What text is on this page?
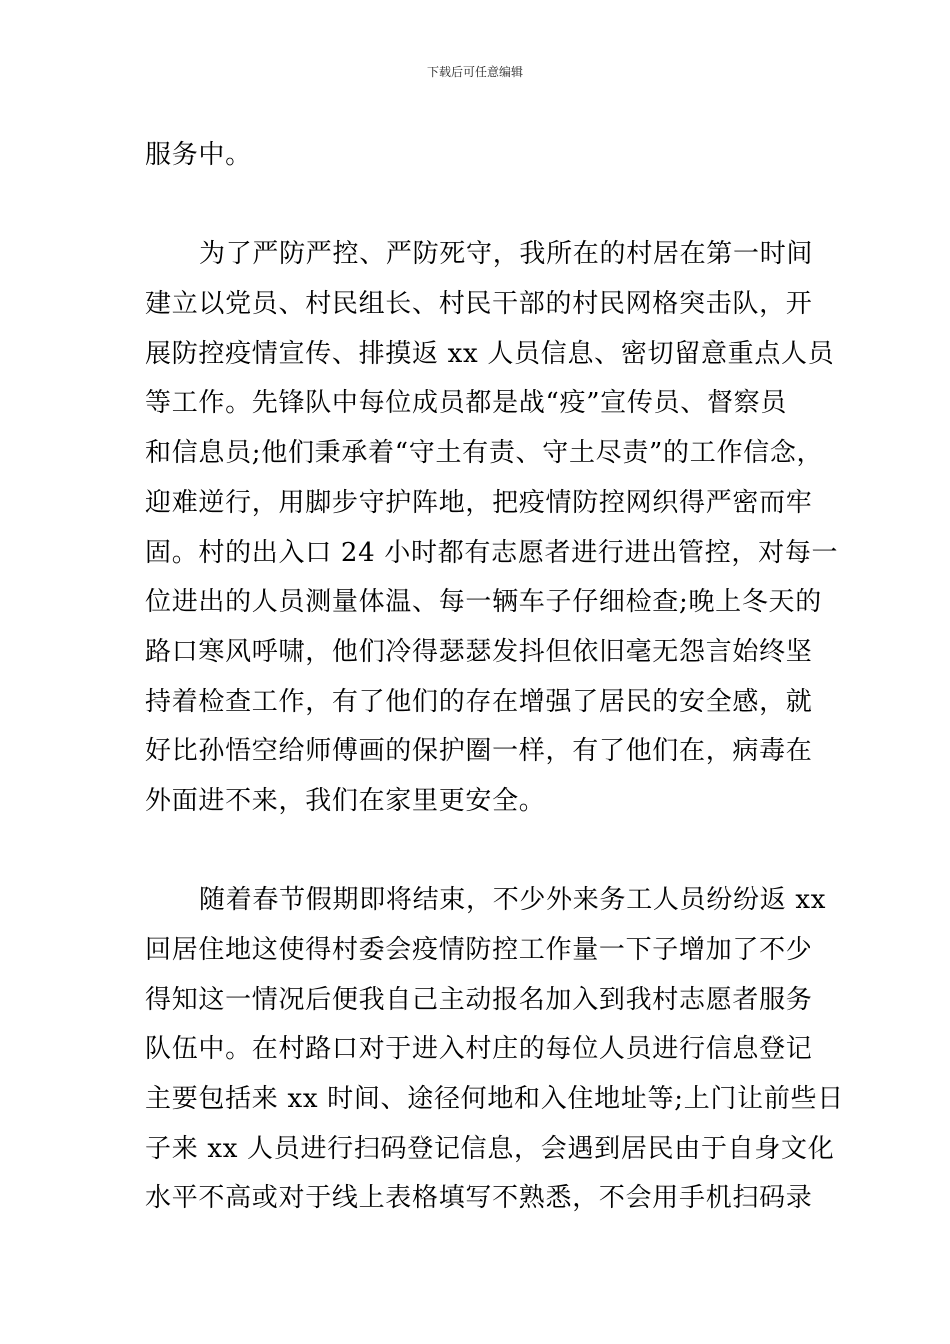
下载后可任意编辑
服务中。
为了严防严控、严防死守，我所在的村居在第一时间
建立以党员、村民组长、村民干部的村民网格突击队，开
展防控疫情宣传、排摸返 xx 人员信息、密切留意重点人员
等工作。先锋队中每位成员都是战“疫”宣传员、督察员
和信息员;他们秉承着“守土有责、守土尽责”的工作信念，
迎难逆行，用脚步守护阵地，把疫情防控网织得严密而牢
固。村的出入口 24 小时都有志愿者进行进出管控，对每一
位进出的人员测量体温、每一辆车子仔细检查;晚上冬天的
路口寒风呼啸，他们冷得瑟瑟发抖但依旧毫无怨言始终坚
持着检查工作，有了他们的存在增强了居民的安全感，就
好比孙悟空给师傅画的保护圈一样，有了他们在，病毒在
外面进不来，我们在家里更安全。
随着春节假期即将结束，不少外来务工人员纷纷返 xx
回居住地这使得村委会疫情防控工作量一下子增加了不少
得知这一情况后便我自己主动报名加入到我村志愿者服务
队伍中。在村路口对于进入村庄的每位人员进行信息登记
主要包括来 xx 时间、途径何地和入住地址等;上门让前些日
子来 xx 人员进行扫码登记信息，会遇到居民由于自身文化
水平不高或对于线上表格填写不熟悉，不会用手机扫码录
